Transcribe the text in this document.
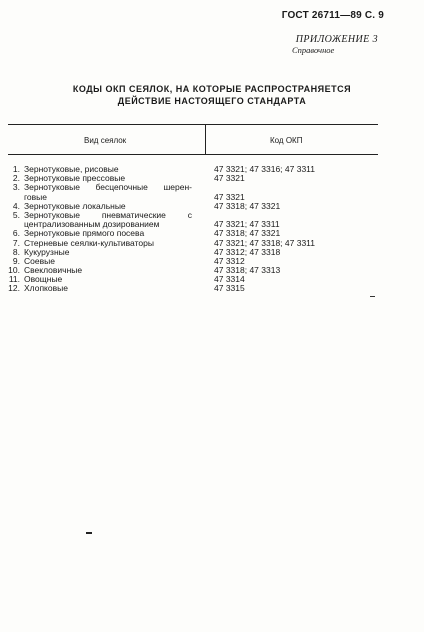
ГОСТ 26711—89 С. 9
ПРИЛОЖЕНИЕ 3
Справочное
КОДЫ ОКП СЕЯЛОК, НА КОТОРЫЕ РАСПРОСТРАНЯЕТСЯ
ДЕЙСТВИЕ НАСТОЯЩЕГО СТАНДАРТА
Вид сеялок	Код ОКП
1. Зернотуковые, рисовые	47 3321; 47 3316; 47 3311
2. Зернотуковые прессовые	47 3321
3. Зернотуковые бесцепочные шерен-
говые	47 3321
4. Зернотуковые локальные	47 3318; 47 3321
5. Зернотуковые пневматические с
централизованным дозированием	47 3321; 47 3311
6. Зернотуковые прямого посева	47 3318; 47 3321
7. Стерневые сеялки-культиваторы	47 3321; 47 3318; 47 3311
8. Кукурузные	47 3312; 47 3318
9. Соевые	47 3312
10. Свекловичные	47 3318; 47 3313
11. Овощные	47 3314
12. Хлопковые	47 3315
